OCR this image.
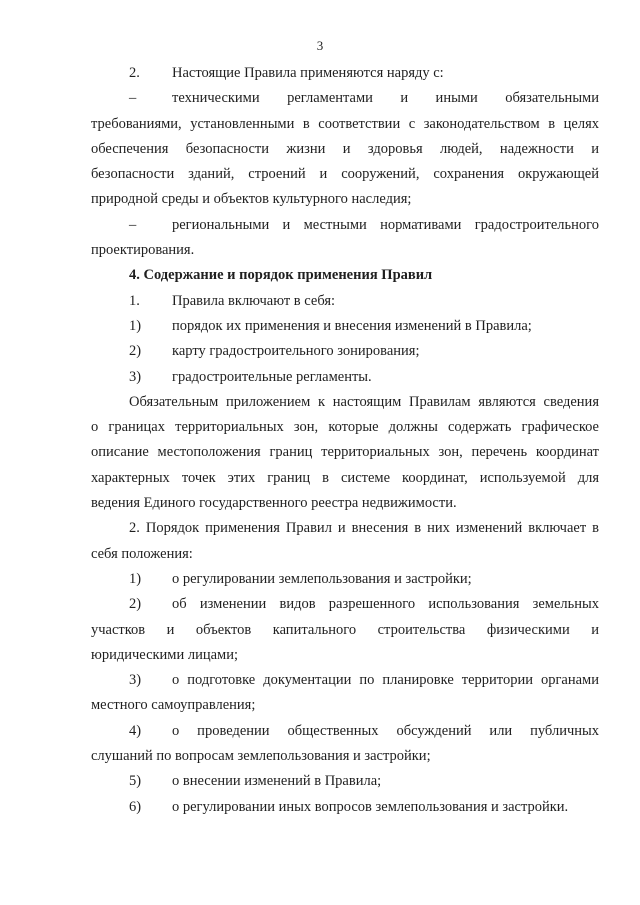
3
2.	Настоящие Правила применяются наряду с:
–	техническими регламентами и иными обязательными
требованиями, установленными в соответствии с законодательством в целях
обеспечения безопасности жизни и здоровья людей, надежности и
безопасности зданий, строений и сооружений, сохранения окружающей
природной среды и объектов культурного наследия;
–	региональными и местными нормативами градостроительного
проектирования.
4. Содержание и порядок применения Правил
1.	Правила включают в себя:
1)	порядок их применения и внесения изменений в Правила;
2)	карту градостроительного зонирования;
3)	градостроительные регламенты.
Обязательным приложением к настоящим Правилам являются сведения
о границах территориальных зон, которые должны содержать графическое
описание местоположения границ территориальных зон, перечень координат
характерных точек этих границ в системе координат, используемой для
ведения Единого государственного реестра недвижимости.
2. Порядок применения Правил и внесения в них изменений включает в
себя положения:
1)	о регулировании землепользования и застройки;
2)	об изменении видов разрешенного использования земельных
участков и объектов капитального строительства физическими и
юридическими лицами;
3)	о подготовке документации по планировке территории органами
местного самоуправления;
4)	о проведении общественных обсуждений или публичных
слушаний по вопросам землепользования и застройки;
5)	о внесении изменений в Правила;
6)	о регулировании иных вопросов землепользования и застройки.
